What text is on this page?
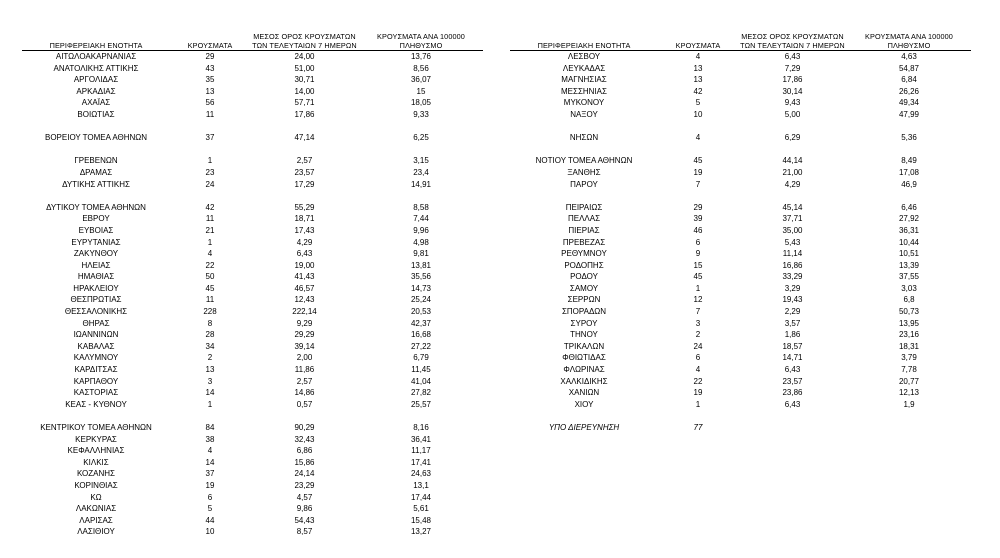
ΠΕΡΙΦΕΡΕΙΑΚΗ ΕΝΟΤΗΤΑ	ΚΡΟΥΣΜΑΤΑ
ΜΕΣΟΣ ΟΡΟΣ ΚΡΟΥΣΜΑΤΩΝ
ΤΩΝ ΤΕΛΕΥΤΑΙΩΝ 7 ΗΜΕΡΩΝ
ΚΡΟΥΣΜΑΤΑ ΑΝΑ 100000
ΠΛΗΘΥΣΜΟ
ΑΙΤΩΛΟΑΚΑΡΝΑΝΙΑΣ	29	24,00	13,76
ΑΝΑΤΟΛΙΚΗΣ ΑΤΤΙΚΗΣ	43	51,00	8,56
ΑΡΓΟΛΙΔΑΣ	35	30,71	36,07
ΑΡΚΑΔΙΑΣ	13	14,00	15
ΑΧΑΪΑΣ	56	57,71	18,05
ΒΟΙΩΤΙΑΣ	11	17,86	9,33
ΒΟΡΕΙΟΥ ΤΟΜΕΑ ΑΘΗΝΩΝ	37	47,14	6,25
ΓΡΕΒΕΝΩΝ	1	2,57	3,15
ΔΡΑΜΑΣ	23	23,57	23,4
ΔΥΤΙΚΗΣ ΑΤΤΙΚΗΣ	24	17,29	14,91
ΔΥΤΙΚΟΥ ΤΟΜΕΑ ΑΘΗΝΩΝ	42	55,29	8,58
ΕΒΡΟΥ	11	18,71	7,44
ΕΥΒΟΙΑΣ	21	17,43	9,96
ΕΥΡΥΤΑΝΙΑΣ	1	4,29	4,98
ΖΑΚΥΝΘΟΥ	4	6,43	9,81
ΗΛΕΙΑΣ	22	19,00	13,81
ΗΜΑΘΙΑΣ	50	41,43	35,56
ΗΡΑΚΛΕΙΟΥ	45	46,57	14,73
ΘΕΣΠΡΩΤΙΑΣ	11	12,43	25,24
ΘΕΣΣΑΛΟΝΙΚΗΣ	228	222,14	20,53
ΘΗΡΑΣ	8	9,29	42,37
ΙΩΑΝΝΙΝΩΝ	28	29,29	16,68
ΚΑΒΑΛΑΣ	34	39,14	27,22
ΚΑΛΥΜΝΟΥ	2	2,00	6,79
ΚΑΡΔΙΤΣΑΣ	13	11,86	11,45
ΚΑΡΠΑΘΟΥ	3	2,57	41,04
ΚΑΣΤΟΡΙΑΣ	14	14,86	27,82
ΚΕΑΣ - ΚΥΘΝΟΥ	1	0,57	25,57
ΚΕΝΤΡΙΚΟΥ ΤΟΜΕΑ ΑΘΗΝΩΝ	84	90,29	8,16
ΚΕΡΚΥΡΑΣ	38	32,43	36,41
ΚΕΦΑΛΛΗΝΙΑΣ	4	6,86	11,17
ΚΙΛΚΙΣ	14	15,86	17,41
ΚΟΖΑΝΗΣ	37	24,14	24,63
ΚΟΡΙΝΘΙΑΣ	19	23,29	13,1
ΚΩ	6	4,57	17,44
ΛΑΚΩΝΙΑΣ	5	9,86	5,61
ΛΑΡΙΣΑΣ	44	54,43	15,48
ΛΑΣΙΘΙΟΥ	10	8,57	13,27
ΠΕΡΙΦΕΡΕΙΑΚΗ ΕΝΟΤΗΤΑ	ΚΡΟΥΣΜΑΤΑ
ΜΕΣΟΣ ΟΡΟΣ ΚΡΟΥΣΜΑΤΩΝ
ΤΩΝ ΤΕΛΕΥΤΑΙΩΝ 7 ΗΜΕΡΩΝ
ΚΡΟΥΣΜΑΤΑ ΑΝΑ 100000
ΠΛΗΘΥΣΜΟ
ΛΕΣΒΟΥ	4	6,43	4,63
ΛΕΥΚΑΔΑΣ	13	7,29	54,87
ΜΑΓΝΗΣΙΑΣ	13	17,86	6,84
ΜΕΣΣΗΝΙΑΣ	42	30,14	26,26
ΜΥΚΟΝΟΥ	5	9,43	49,34
ΝΑΞΟΥ	10	5,00	47,99
ΝΗΣΩΝ	4	6,29	5,36
ΝΟΤΙΟΥ ΤΟΜΕΑ ΑΘΗΝΩΝ	45	44,14	8,49
ΞΑΝΘΗΣ	19	21,00	17,08
ΠΑΡΟΥ	7	4,29	46,9
ΠΕΙΡΑΙΩΣ	29	45,14	6,46
ΠΕΛΛΑΣ	39	37,71	27,92
ΠΙΕΡΙΑΣ	46	35,00	36,31
ΠΡΕΒΕΖΑΣ	6	5,43	10,44
ΡΕΘΥΜΝΟΥ	9	11,14	10,51
ΡΟΔΟΠΗΣ	15	16,86	13,39
ΡΟΔΟΥ	45	33,29	37,55
ΣΑΜΟΥ	1	3,29	3,03
ΣΕΡΡΩΝ	12	19,43	6,8
ΣΠΟΡΑΔΩΝ	7	2,29	50,73
ΣΥΡΟΥ	3	3,57	13,95
ΤΗΝΟΥ	2	1,86	23,16
ΤΡΙΚΑΛΩΝ	24	18,57	18,31
ΦΘΙΩΤΙΔΑΣ	6	14,71	3,79
ΦΛΩΡΙΝΑΣ	4	6,43	7,78
ΧΑΛΚΙΔΙΚΗΣ	22	23,57	20,77
ΧΑΝΙΩΝ	19	23,86	12,13
ΧΙΟΥ	1	6,43	1,9
ΥΠΟ ΔΙΕΡΕΥΝΗΣΗ	77
